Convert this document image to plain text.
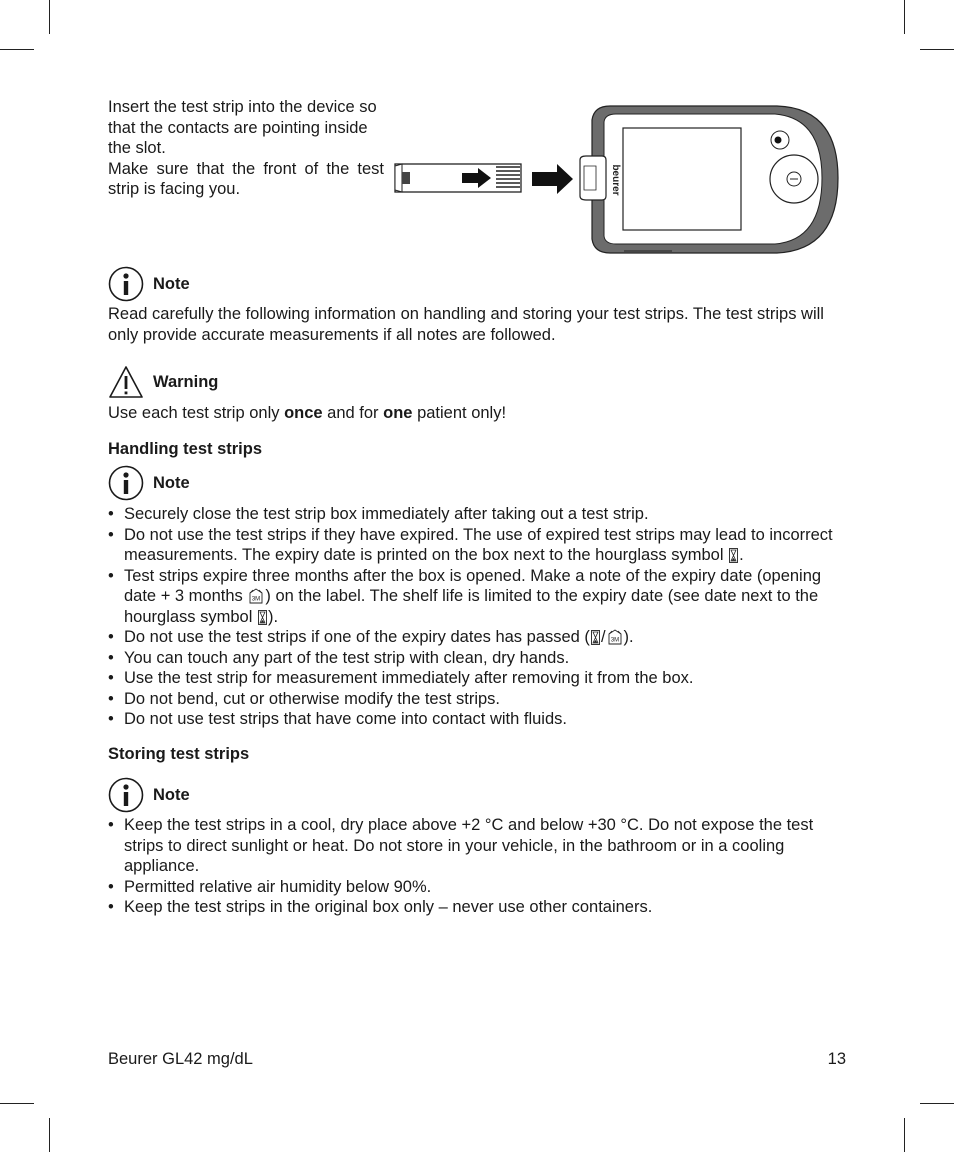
Insert the test strip into the device so

that the contacts are pointing inside

the slot.

Make sure that the front of the test strip is facing you.	beurer
Note

Read carefully the following information on handling and storing your test strips. The test strips will only provide accurate measurements if all notes are followed.

Warning

Use each test strip only once and for one patient only!

Handling test strips

Note
• Securely close the test strip box immediately after taking out a test strip.
• Do not use the test strips if they have expired. The use of expired test strips may lead to incorrect measurements. The expiry date is printed on the box next to the hourglass symbol .
• Test strips expire three months after the box is opened. Make a note of the expiry date (opening date + 3 months 3M ) on the label. The shelf life is limited to the expiry date (see date next to the hourglass symbol ).
• Do not use the test strips if one of the expiry dates has passed ( / 3M ).
• You can touch any part of the test strip with clean, dry hands.
• Use the test strip for measurement immediately after removing it from the box.
• Do not bend, cut or otherwise modify the test strips.
• Do not use test strips that have come into contact with fluids.

Storing test strips

Note
• Keep the test strips in a cool, dry place above +2 °C and below +30 °C. Do not expose the test strips to direct sunlight or heat. Do not store in your vehicle, in the bathroom or in a cooling appliance.
• Permitted relative air humidity below 90%.
• Keep the test strips in the original box only – never use other containers.
Beurer GL42 mg/dL	13
